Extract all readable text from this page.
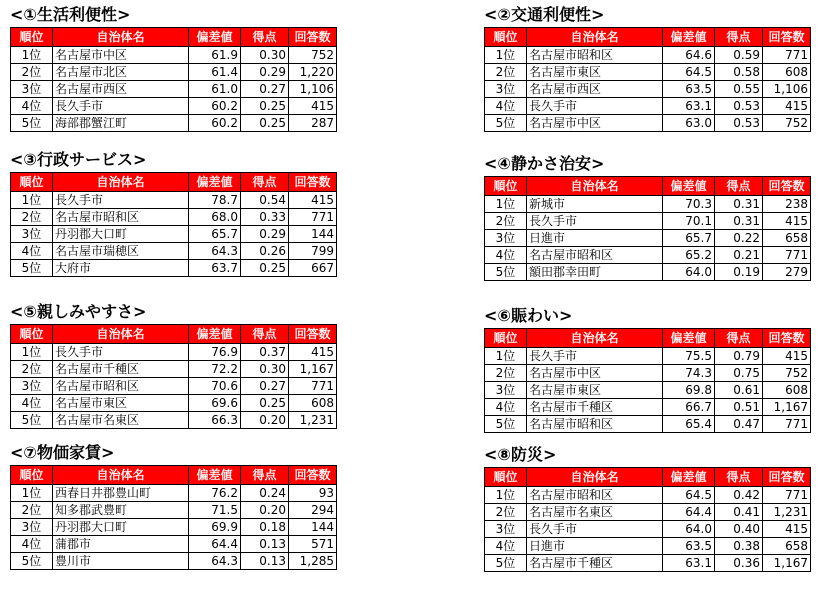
<①生活利便性>
順位	自治体名	偏差値	得点	回答数
1位	名古屋市中区	61.9	0.30	752
2位	名古屋市北区	61.4	0.29	1,220
3位	名古屋市西区	61.0	0.27	1,106
4位	長久手市	60.2	0.25	415
5位	海部郡蟹江町	60.2	0.25	287
<②交通利便性>
順位	自治体名	偏差値	得点	回答数
1位	名古屋市昭和区	64.6	0.59	771
2位	名古屋市東区	64.5	0.58	608
3位	名古屋市西区	63.5	0.55	1,106
4位	長久手市	63.1	0.53	415
5位	名古屋市中区	63.0	0.53	752
<③行政サービス>
順位	自治体名	偏差値	得点	回答数
1位	長久手市	78.7	0.54	415
2位	名古屋市昭和区	68.0	0.33	771
3位	丹羽郡大口町	65.7	0.29	144
4位	名古屋市瑞穂区	64.3	0.26	799
5位	大府市	63.7	0.25	667
<④静かさ治安>
順位	自治体名	偏差値	得点	回答数
1位	新城市	70.3	0.31	238
2位	長久手市	70.1	0.31	415
3位	日進市	65.7	0.22	658
4位	名古屋市昭和区	65.2	0.21	771
5位	額田郡幸田町	64.0	0.19	279
<⑤親しみやすさ>
順位	自治体名	偏差値	得点	回答数
1位	長久手市	76.9	0.37	415
2位	名古屋市千種区	72.2	0.30	1,167
3位	名古屋市昭和区	70.6	0.27	771
4位	名古屋市東区	69.6	0.25	608
5位	名古屋市名東区	66.3	0.20	1,231
<⑥賑わい>
順位	自治体名	偏差値	得点	回答数
1位	長久手市	75.5	0.79	415
2位	名古屋市中区	74.3	0.75	752
3位	名古屋市東区	69.8	0.61	608
4位	名古屋市千種区	66.7	0.51	1,167
5位	名古屋市昭和区	65.4	0.47	771
<⑦物価家賃>
順位	自治体名	偏差値	得点	回答数
1位	西春日井郡豊山町	76.2	0.24	93
2位	知多郡武豊町	71.5	0.20	294
3位	丹羽郡大口町	69.9	0.18	144
4位	蒲郡市	64.4	0.13	571
5位	豊川市	64.3	0.13	1,285
<⑧防災>
順位	自治体名	偏差値	得点	回答数
1位	名古屋市昭和区	64.5	0.42	771
2位	名古屋市名東区	64.4	0.41	1,231
3位	長久手市	64.0	0.40	415
4位	日進市	63.5	0.38	658
5位	名古屋市千種区	63.1	0.36	1,167
